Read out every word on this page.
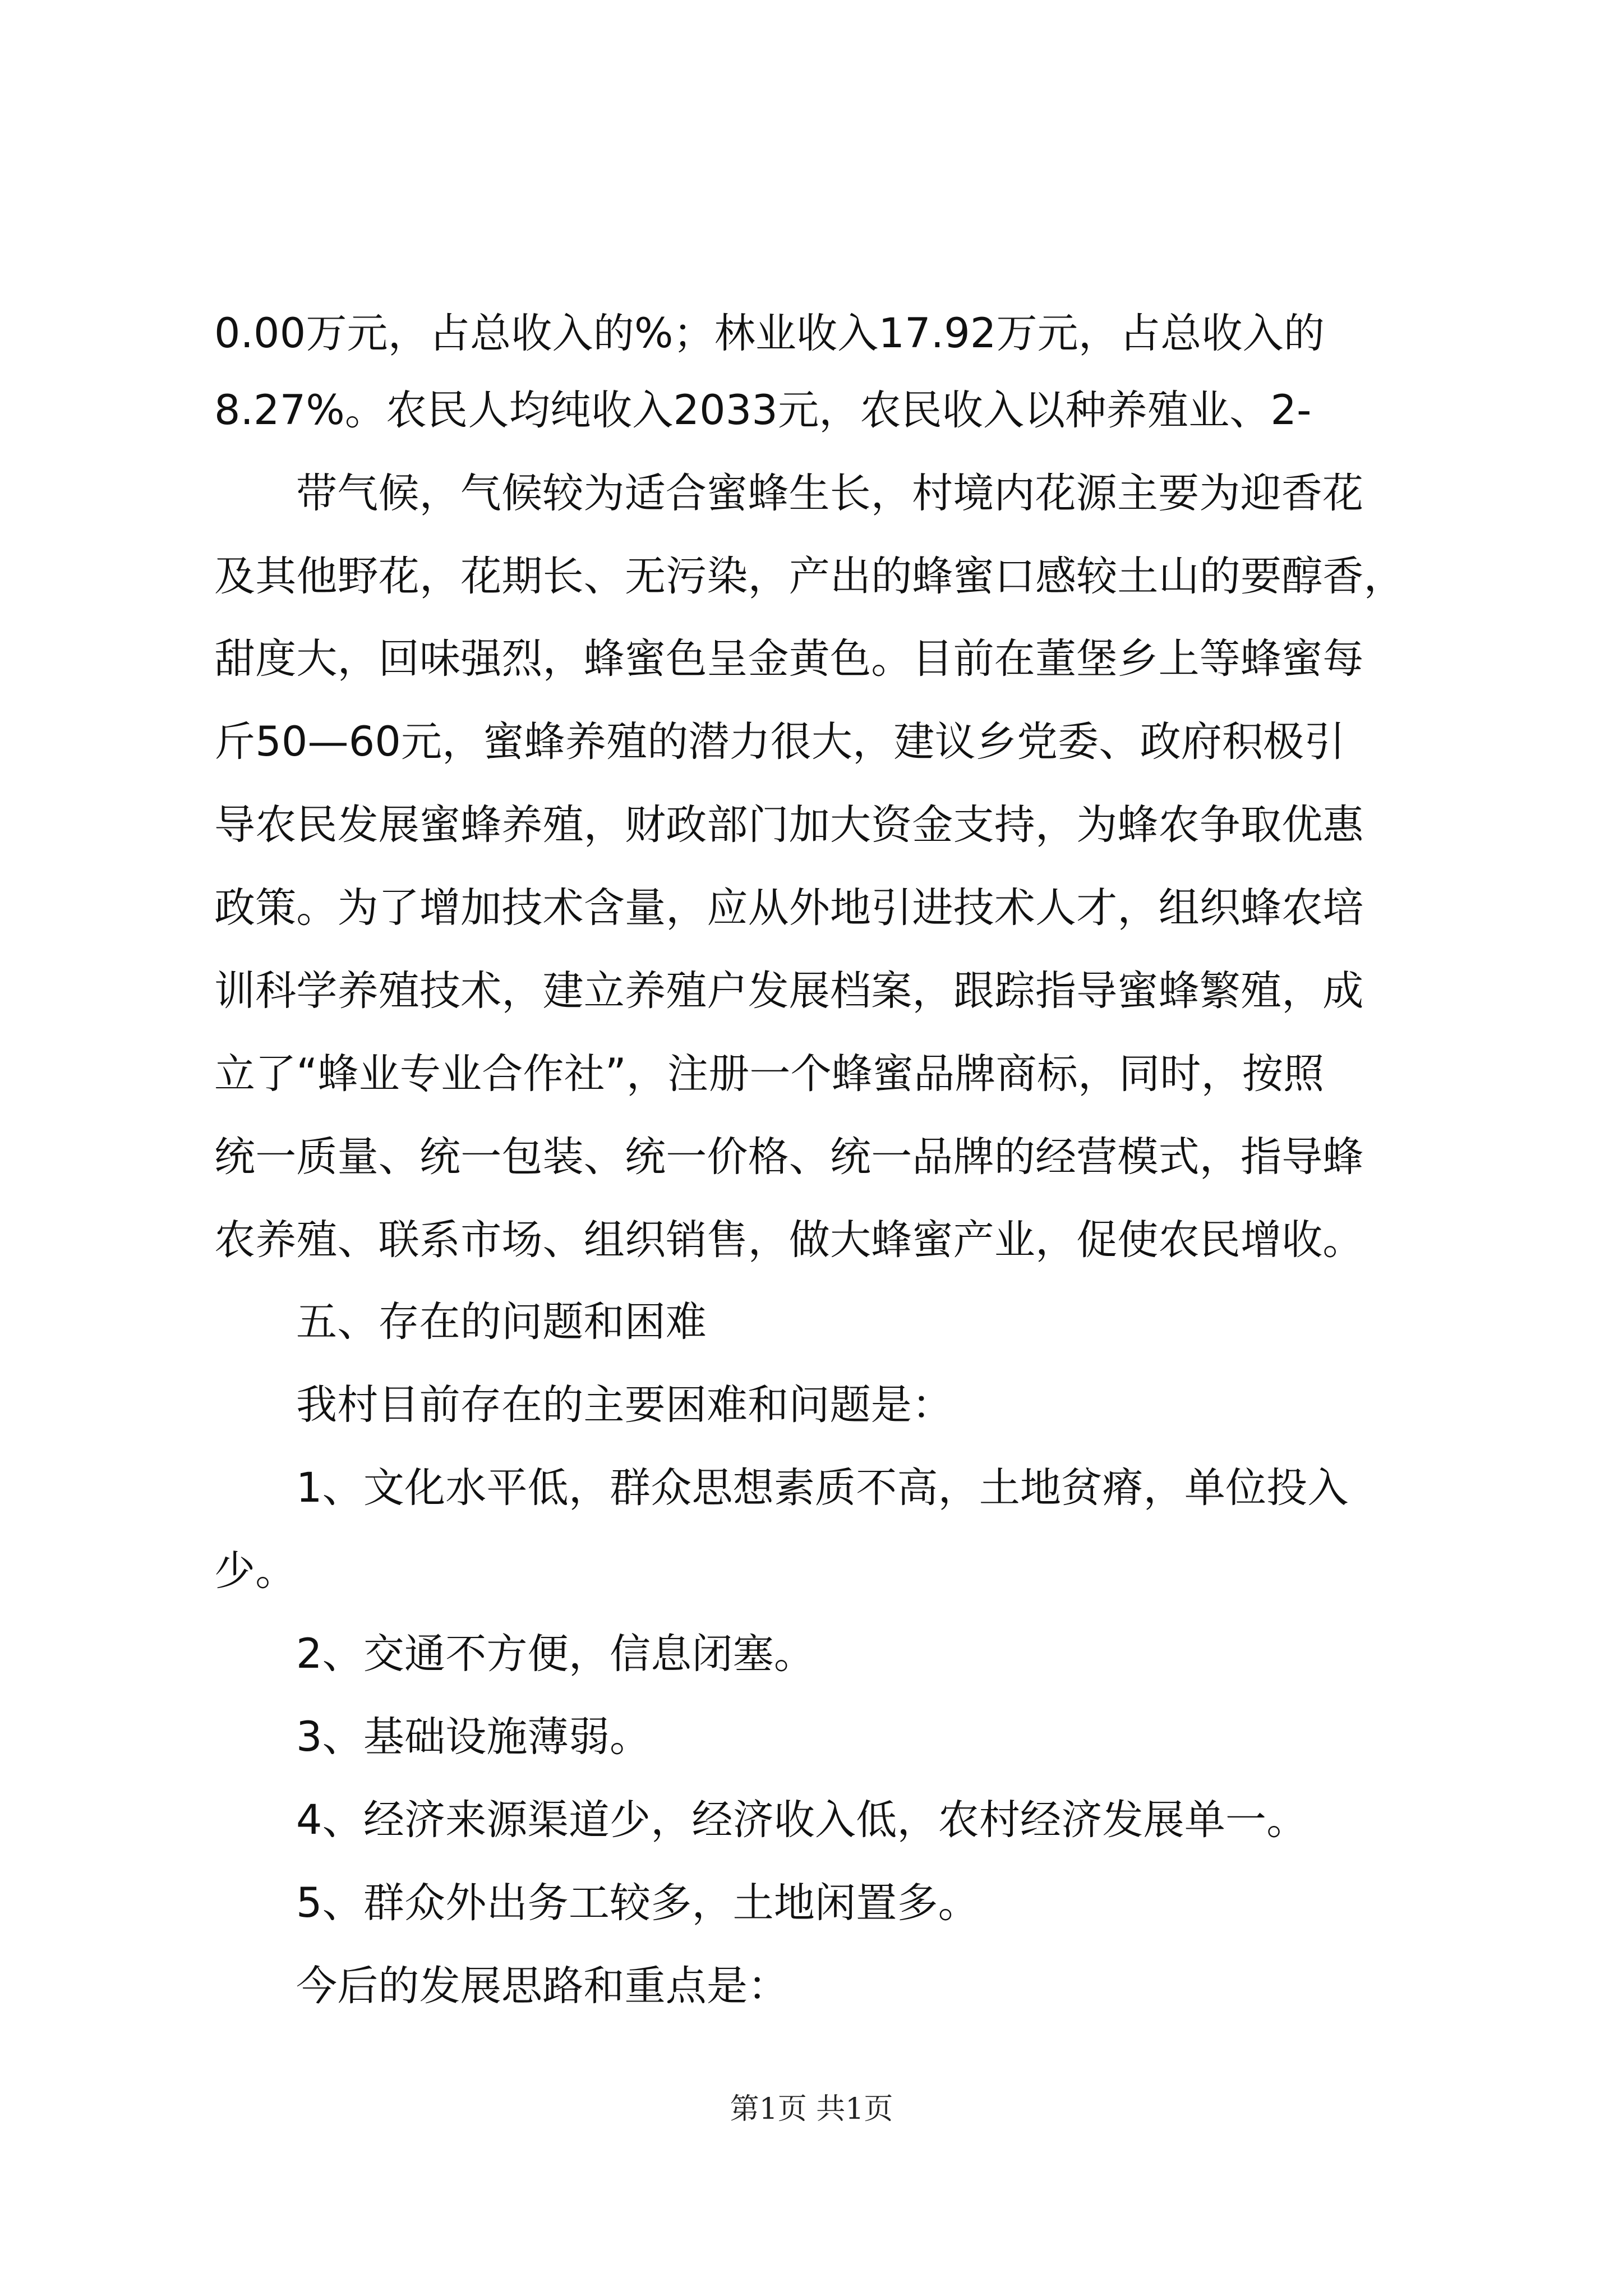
0.00万元，占总收入的%；林业收入17.92万元，占总收入的
8.27%。农民人均纯收入2033元，农民收入以种养殖业、2-
带气候，气候较为适合蜜蜂生长，村境内花源主要为迎香花
及其他野花，花期长、无污染，产出的蜂蜜口感较土山的要醇香，
甜度大，回味强烈，蜂蜜色呈金黄色。目前在董堡乡上等蜂蜜每
斤50—60元，蜜蜂养殖的潜力很大，建议乡党委、政府积极引
导农民发展蜜蜂养殖，财政部门加大资金支持，为蜂农争取优惠
政策。为了增加技术含量，应从外地引进技术人才，组织蜂农培
训科学养殖技术，建立养殖户发展档案，跟踪指导蜜蜂繁殖，成
立了“蜂业专业合作社”，注册一个蜂蜜品牌商标，同时，按照
统一质量、统一包装、统一价格、统一品牌的经营模式，指导蜂
农养殖、联系市场、组织销售，做大蜂蜜产业，促使农民增收。
五、存在的问题和困难
我村目前存在的主要困难和问题是：
1、文化水平低，群众思想素质不高，土地贫瘠，单位投入
少。
2、交通不方便，信息闭塞。
3、基础设施薄弱。
4、经济来源渠道少，经济收入低，农村经济发展单一。
5、群众外出务工较多，土地闲置多。
今后的发展思路和重点是：
第1页 共1页
